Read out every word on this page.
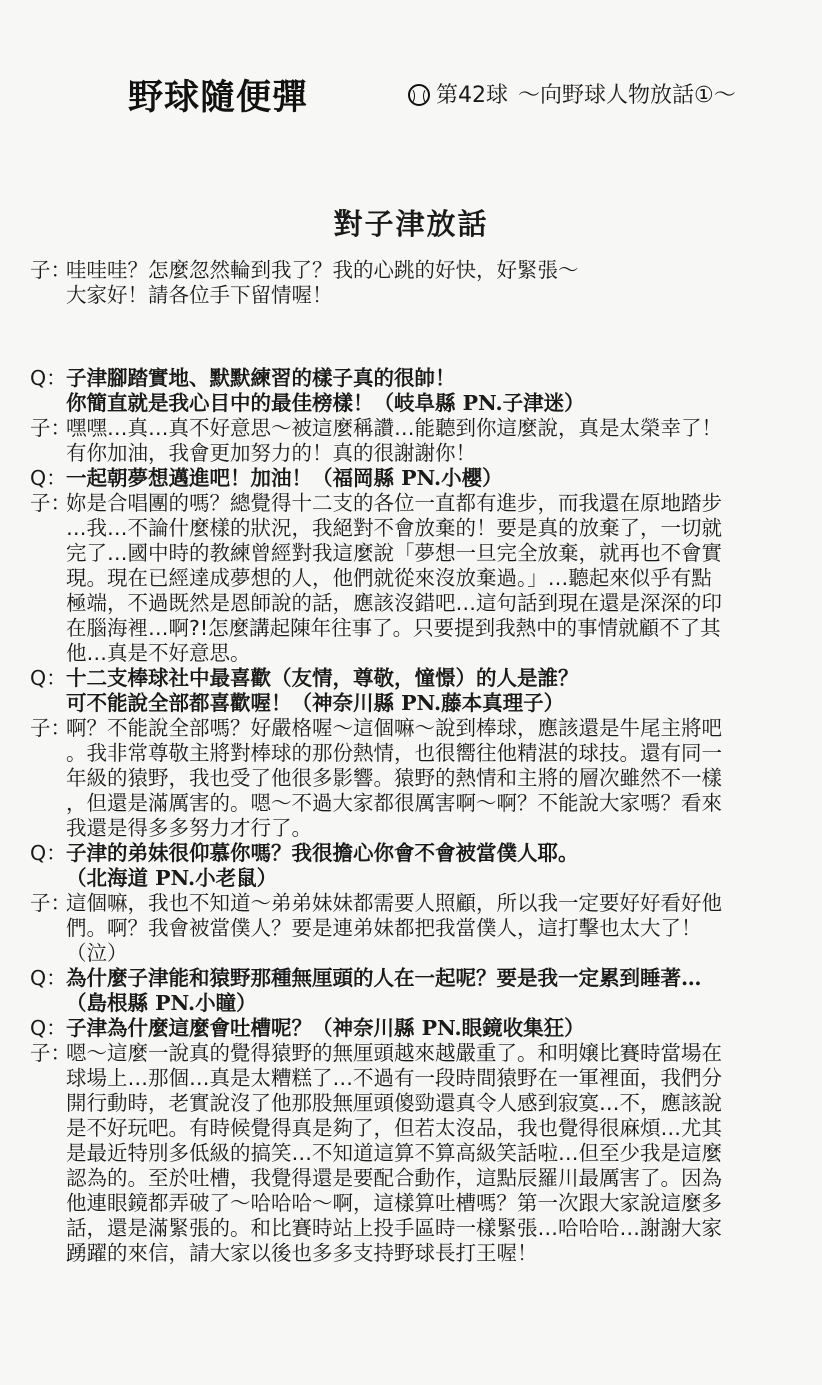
野球隨便彈	第42球 ～向野球人物放話①～
對子津放話
子：
哇哇哇？怎麼忽然輪到我了？我的心跳的好快，好緊張～
大家好！請各位手下留情喔！
Q： 子津腳踏實地、默默練習的樣子真的很帥！
你簡直就是我心目中的最佳榜樣！（岐阜縣 PN.子津迷）
子：
嘿嘿…真…真不好意思～被這麼稱讚…能聽到你這麼說，真是太榮幸了！
有你加油，我會更加努力的！真的很謝謝你！
Q： 一起朝夢想邁進吧！加油！（福岡縣 PN.小櫻）
子：
妳是合唱團的嗎？總覺得十二支的各位一直都有進步，而我還在原地踏步
…我…不論什麼樣的狀況，我絕對不會放棄的！要是真的放棄了，一切就
完了…國中時的教練曾經對我這麼說「夢想一旦完全放棄，就再也不會實
現。現在已經達成夢想的人，他們就從來沒放棄過。」…聽起來似乎有點
極端，不過既然是恩師說的話，應該沒錯吧…這句話到現在還是深深的印
在腦海裡…啊?!怎麼講起陳年往事了。只要提到我熱中的事情就顧不了其
他…真是不好意思。
Q： 十二支棒球社中最喜歡（友情，尊敬，憧憬）的人是誰？
可不能說全部都喜歡喔！（神奈川縣 PN.藤本真理子）
子：
啊？不能說全部嗎？好嚴格喔～這個嘛～說到棒球，應該還是牛尾主將吧
。我非常尊敬主將對棒球的那份熱情，也很嚮往他精湛的球技。還有同一
年級的猿野，我也受了他很多影響。猿野的熱情和主將的層次雖然不一樣
，但還是滿厲害的。嗯～不過大家都很厲害啊～啊？不能說大家嗎？看來
我還是得多多努力才行了。
Q： 子津的弟妹很仰慕你嗎？我很擔心你會不會被當僕人耶。
（北海道 PN.小老鼠）
子：
這個嘛，我也不知道～弟弟妹妹都需要人照顧，所以我一定要好好看好他
們。啊？我會被當僕人？要是連弟妹都把我當僕人，這打擊也太大了！
（泣）
Q： 為什麼子津能和猿野那種無厘頭的人在一起呢？要是我一定累到睡著…
（島根縣 PN.小瞳）
Q： 子津為什麼這麼會吐槽呢？（神奈川縣 PN.眼鏡收集狂）
子：
嗯～這麼一說真的覺得猿野的無厘頭越來越嚴重了。和明嬢比賽時當場在
球場上…那個…真是太糟糕了…不過有一段時間猿野在一軍裡面，我們分
開行動時，老實說沒了他那股無厘頭傻勁還真令人感到寂寞…不，應該說
是不好玩吧。有時候覺得真是夠了，但若太沒品，我也覺得很麻煩…尤其
是最近特別多低級的搞笑…不知道這算不算高級笑話啦…但至少我是這麼
認為的。至於吐槽，我覺得還是要配合動作，這點辰羅川最厲害了。因為
他連眼鏡都弄破了～哈哈哈～啊，這樣算吐槽嗎？第一次跟大家說這麼多
話，還是滿緊張的。和比賽時站上投手區時一樣緊張…哈哈哈…謝謝大家
踴躍的來信，請大家以後也多多支持野球長打王喔！
